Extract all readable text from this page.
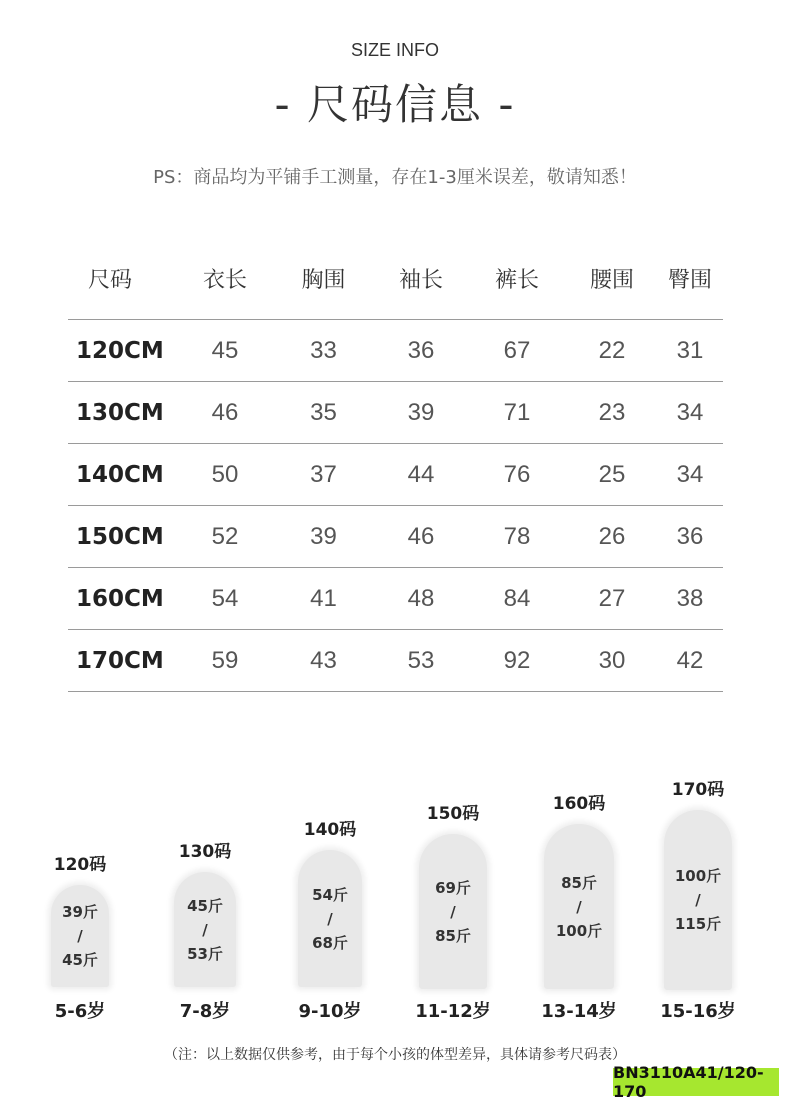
SIZE INFO
- 尺码信息 -
PS：商品均为平铺手工测量，存在1-3厘米误差，敬请知悉！
尺码	衣长	胸围	袖长	裤长	腰围	臀围
120CM	45	33	36	67	22	31
130CM	46	35	39	71	23	34
140CM	50	37	44	76	25	34
150CM	52	39	46	78	26	36
160CM	54	41	48	84	27	38
170CM	59	43	53	92	30	42
120码
39斤
/
45斤
130码
45斤
/
53斤
140码
54斤
/
68斤
150码
69斤
/
85斤
160码
85斤
/
100斤
170码
100斤
/
115斤
5-6岁	7-8岁	9-10岁	11-12岁	13-14岁	15-16岁
（注：以上数据仅供参考，由于每个小孩的体型差异，具体请参考尺码表）
BN3110A41/120-170
